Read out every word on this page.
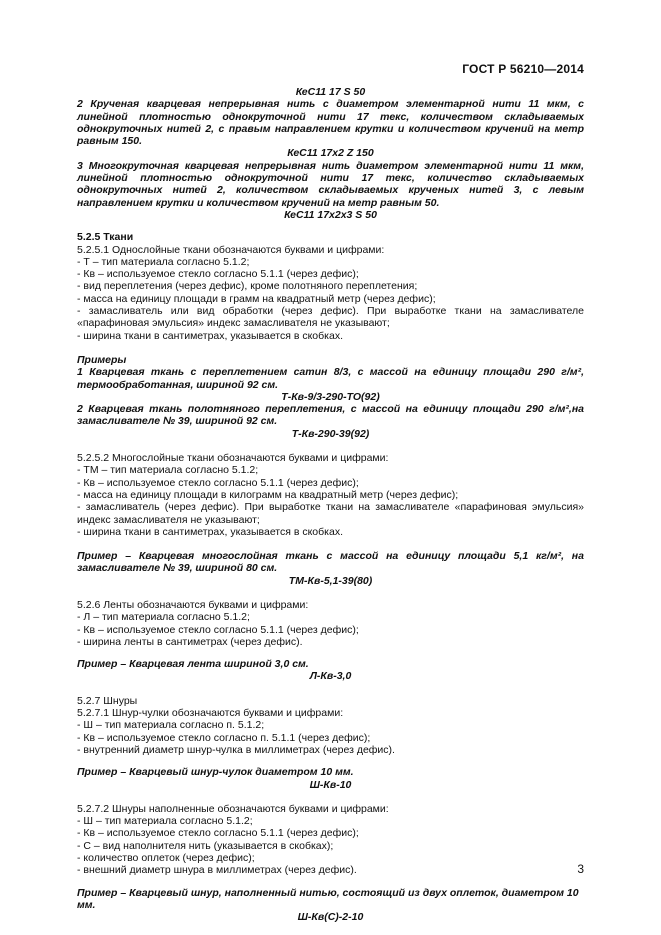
ГОСТ Р 56210—2014

КеС11 17 S 50

2 Крученая кварцевая непрерывная нить с диаметром элементарной нити 11 мкм, с линейной плотностью однокруточной нити 17 текс, количеством складываемых однокруточных нитей 2, с правым направлением крутки и количеством кручений на метр равным 150.

КеС11 17х2 Z 150

3 Многокруточная кварцевая непрерывная нить диаметром элементарной нити 11 мкм, линейной плотностью однокруточной нити 17 текс, количество складываемых однокруточных нитей 2, количеством складываемых крученых нитей 3, с левым направлением крутки и количеством кручений на метр равным 50.

КеС11 17х2х3 S 50

5.2.5 Ткани

5.2.5.1 Однослойные ткани обозначаются буквами и цифрами:

- Т – тип материала согласно 5.1.2;

- Кв – используемое стекло согласно 5.1.1 (через дефис);

- вид переплетения (через дефис), кроме полотняного переплетения;

- масса на единицу площади в грамм на квадратный метр (через дефис);

- замасливатель или вид обработки (через дефис). При выработке ткани на замасливателе «парафиновая эмульсия» индекс замасливателя не указывают;

- ширина ткани в сантиметрах, указывается в скобках.

Примеры

1 Кварцевая ткань с переплетением сатин 8/3, с массой на единицу площади 290 г/м², термообработанная, шириной 92 см.

Т-Кв-9/3-290-ТО(92)

2 Кварцевая ткань полотняного переплетения, с массой на единицу площади 290 г/м²,на замасливателе № 39, шириной 92 см.

Т-Кв-290-39(92)

5.2.5.2 Многослойные ткани обозначаются буквами и цифрами:

- ТМ – тип материала согласно 5.1.2;

- Кв – используемое стекло согласно 5.1.1 (через дефис);

- масса на единицу площади в килограмм на квадратный метр (через дефис);

- замасливатель (через дефис). При выработке ткани на замасливателе «парафиновая эмульсия» индекс замасливателя не указывают;

- ширина ткани в сантиметрах, указывается в скобках.

Пример – Кварцевая многослойная ткань с массой на единицу площади 5,1 кг/м², на замасливателе № 39, шириной 80 см.

ТМ-Кв-5,1-39(80)

5.2.6 Ленты обозначаются буквами и цифрами:

- Л – тип материала согласно 5.1.2;

- Кв – используемое стекло согласно 5.1.1 (через дефис);

- ширина ленты в сантиметрах (через дефис).

Пример – Кварцевая лента шириной 3,0 см.

Л-Кв-3,0

5.2.7 Шнуры

5.2.7.1 Шнур-чулки обозначаются буквами и цифрами:

- Ш – тип материала согласно п. 5.1.2;

- Кв – используемое стекло согласно п. 5.1.1 (через дефис);

- внутренний диаметр шнур-чулка в миллиметрах (через дефис).

Пример – Кварцевый шнур-чулок диаметром 10 мм.

Ш-Кв-10

5.2.7.2 Шнуры наполненные обозначаются буквами и цифрами:

- Ш – тип материала согласно 5.1.2;

- Кв – используемое стекло согласно 5.1.1 (через дефис);

- С – вид наполнителя нить (указывается в скобках);

- количество оплеток (через дефис);

- внешний диаметр шнура в миллиметрах (через дефис).

Пример – Кварцевый шнур, наполненный нитью, состоящий из двух оплеток, диаметром 10 мм.

Ш-Кв(С)-2-10

3
